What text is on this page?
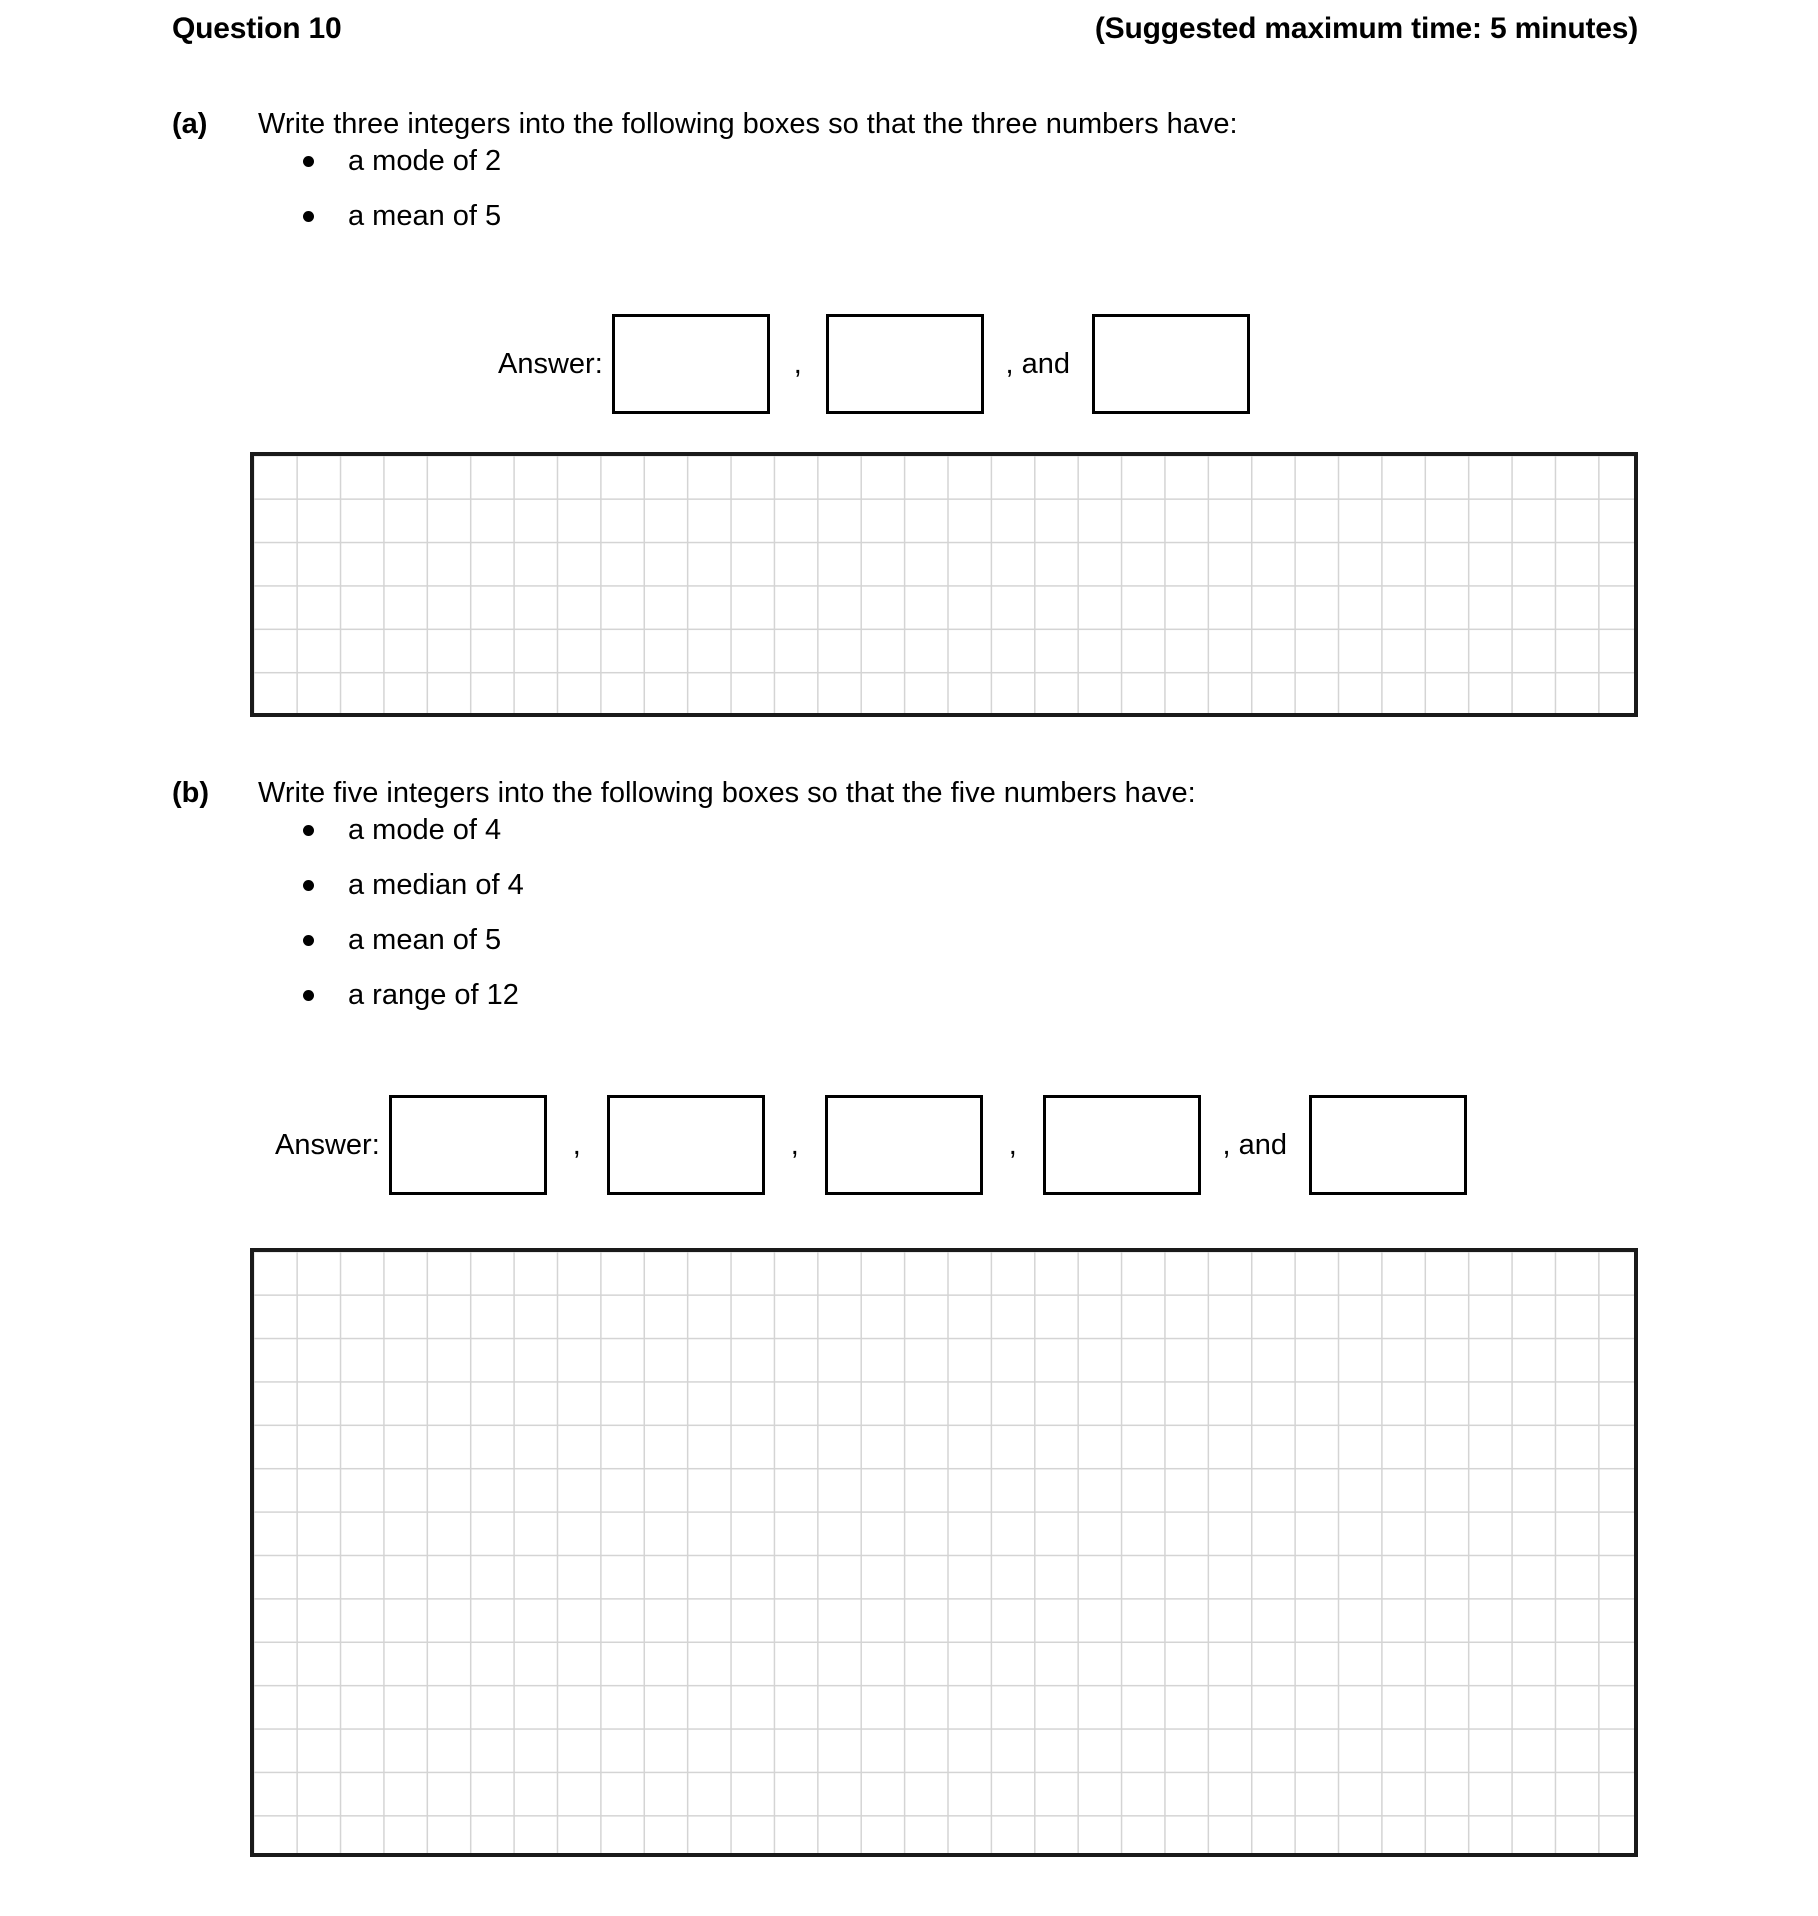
Question 10	(Suggested maximum time: 5 minutes)
(a)	Write three integers into the following boxes so that the three numbers have:
a mode of 2
a mean of 5
Answer:	,	, and
(b)	Write five integers into the following boxes so that the five numbers have:
a mode of 4
a median of 4
a mean of 5
a range of 12
Answer:	,	,	,	, and
